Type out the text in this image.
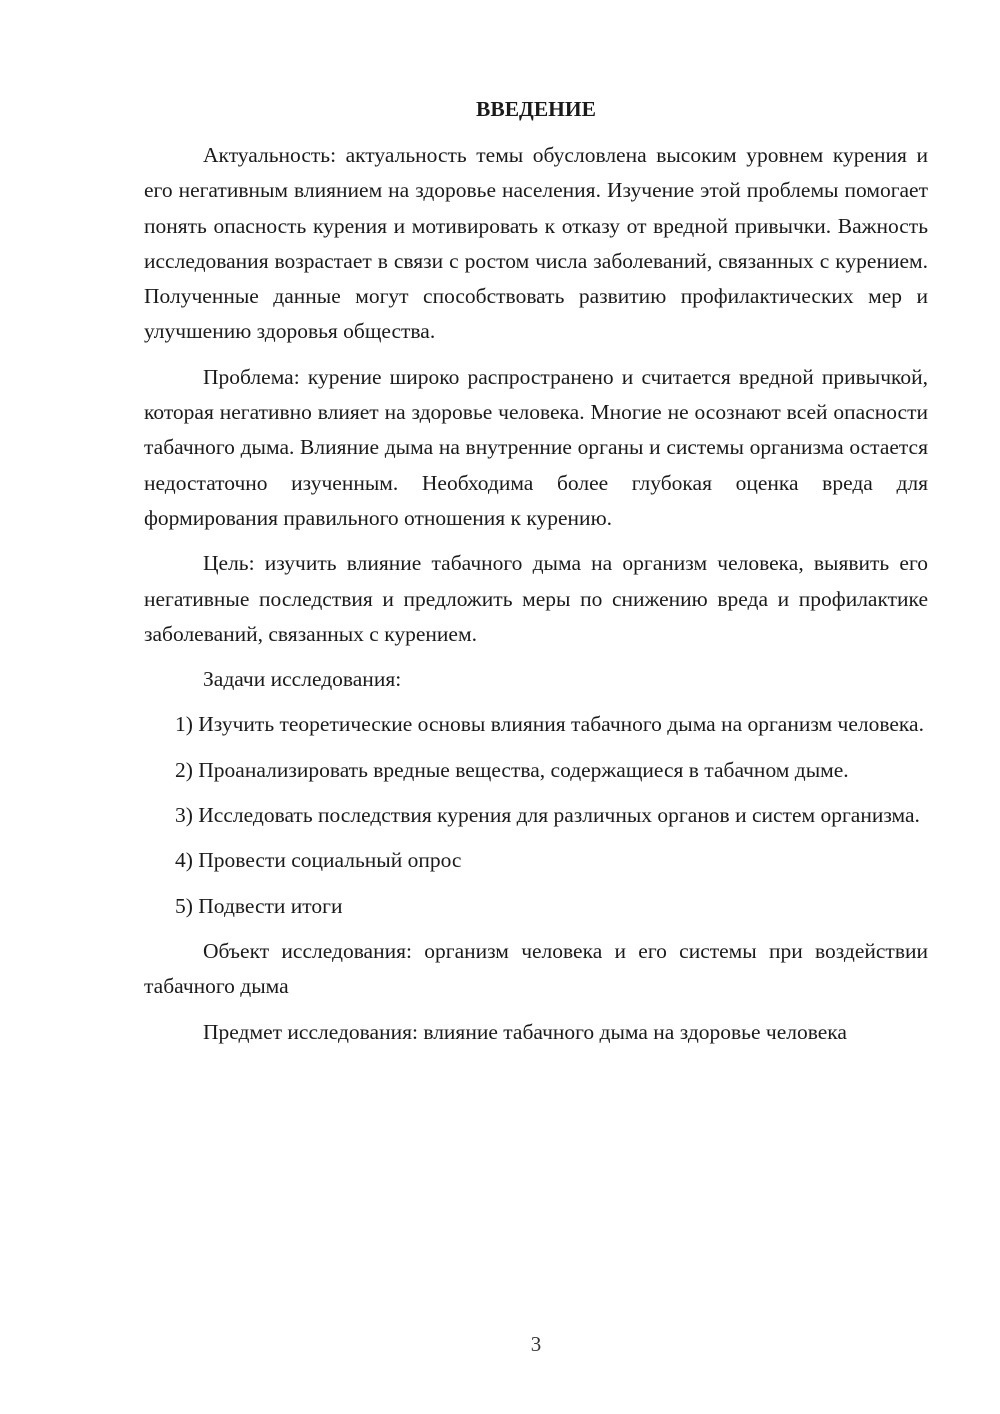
ВВЕДЕНИЕ

Актуальность: актуальность темы обусловлена высоким уровнем курения и его негативным влиянием на здоровье населения. Изучение этой проблемы помогает понять опасность курения и мотивировать к отказу от вредной привычки. Важность исследования возрастает в связи с ростом числа заболеваний, связанных с курением. Полученные данные могут способствовать развитию профилактических мер и улучшению здоровья общества.

Проблема: курение широко распространено и считается вредной привычкой, которая негативно влияет на здоровье человека. Многие не осознают всей опасности табачного дыма. Влияние дыма на внутренние органы и системы организма остается недостаточно изученным. Необходима более глубокая оценка вреда для формирования правильного отношения к курению.

Цель: изучить влияние табачного дыма на организм человека, выявить его негативные последствия и предложить меры по снижению вреда и профилактике заболеваний, связанных с курением.

Задачи исследования:

1) Изучить теоретические основы влияния табачного дыма на организм человека.

2) Проанализировать вредные вещества, содержащиеся в табачном дыме.

3) Исследовать последствия курения для различных органов и систем организма.

4) Провести социальный опрос

5) Подвести итоги

Объект исследования: организм человека и его системы при воздействии табачного дыма

Предмет исследования: влияние табачного дыма на здоровье человека

3
